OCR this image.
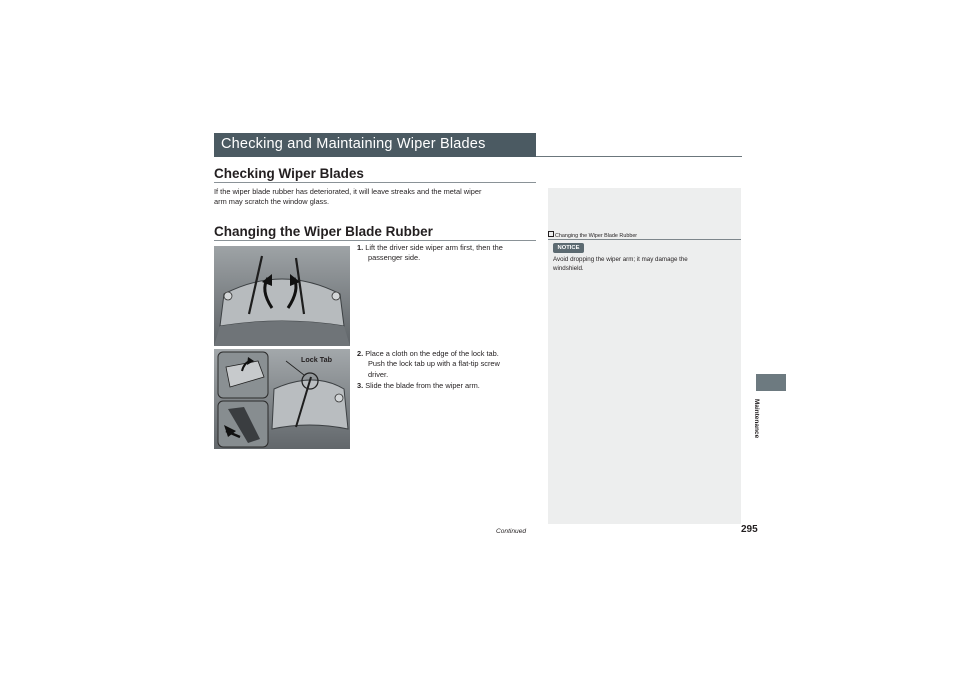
Checking and Maintaining Wiper Blades
Checking Wiper Blades
If the wiper blade rubber has deteriorated, it will leave streaks and the metal wiper
arm may scratch the window glass.
Changing the Wiper Blade Rubber
Lock Tab
1. Lift the driver side wiper arm first, then the
passenger side.
2. Place a cloth on the edge of the lock tab.
Push the lock tab up with a flat-tip screw
driver.
3. Slide the blade from the wiper arm.
Changing the Wiper Blade Rubber
NOTICE
Avoid dropping the wiper arm; it may damage the
windshield.
Maintenance
Continued	295
